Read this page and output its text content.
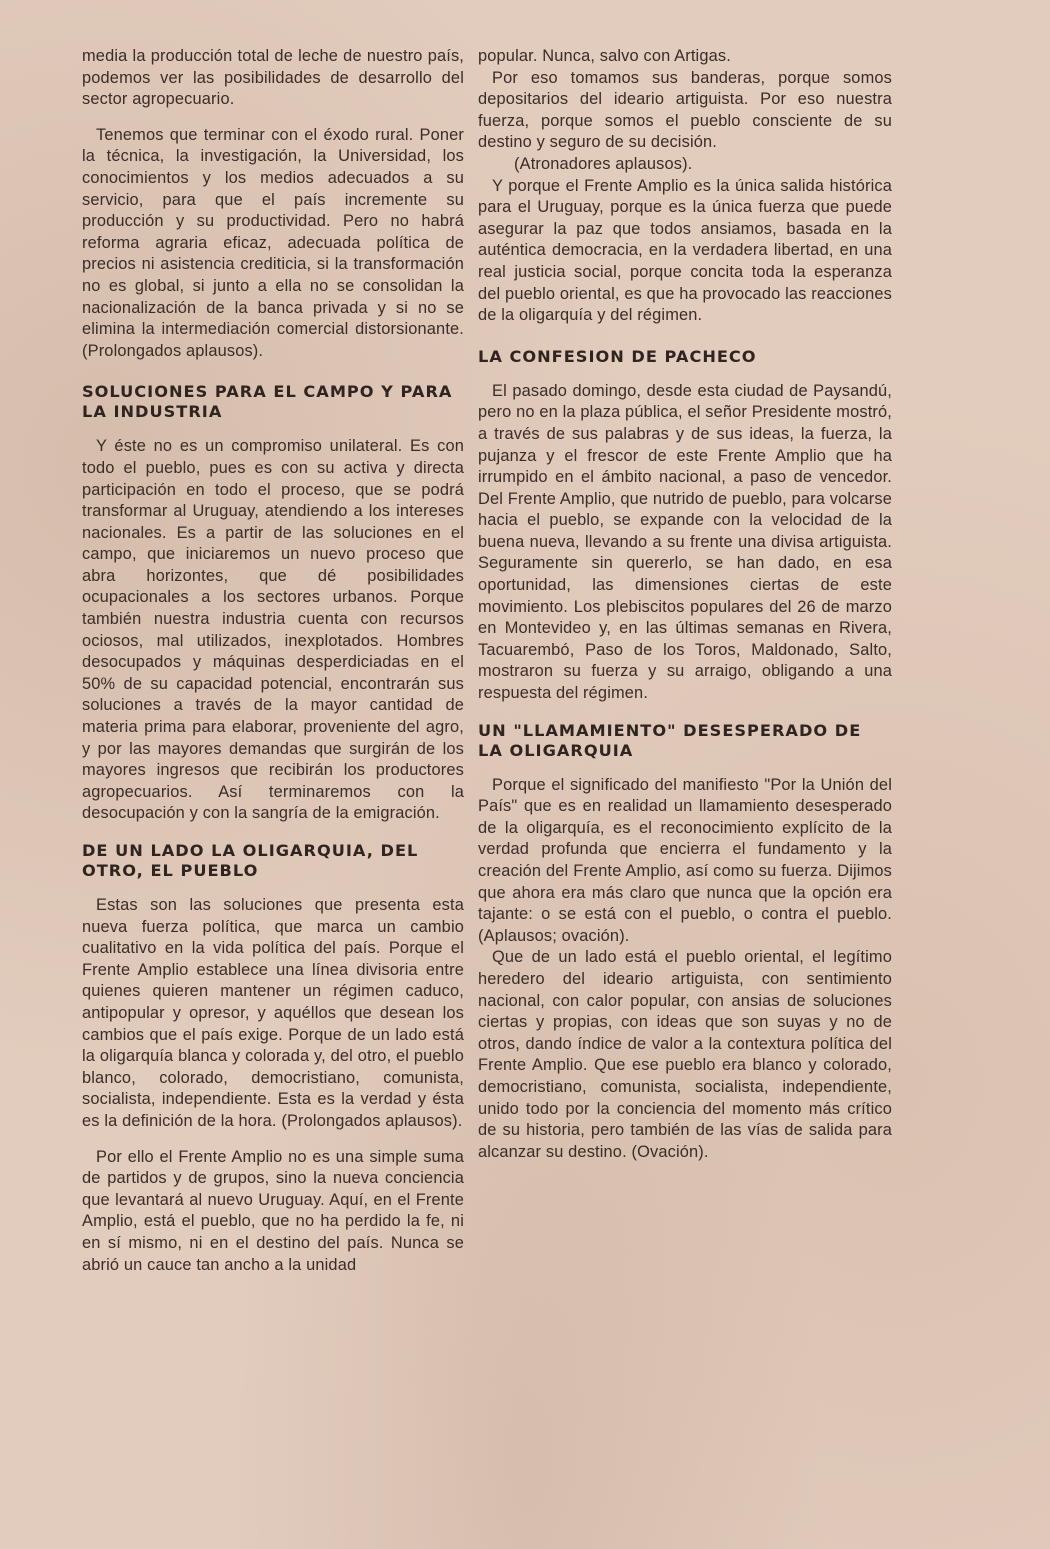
media la producción total de leche de nuestro país, podemos ver las posibilidades de desarrollo del sector agropecuario.

Tenemos que terminar con el éxodo rural. Poner la técnica, la investigación, la Universidad, los conocimientos y los medios adecuados a su servicio, para que el país incremente su producción y su productividad. Pero no habrá reforma agraria eficaz, adecuada política de precios ni asistencia crediticia, si la transformación no es global, si junto a ella no se consolidan la nacionalización de la banca privada y si no se elimina la intermediación comercial distorsionante. (Prolongados aplausos).

SOLUCIONES PARA EL CAMPO Y PARA LA INDUSTRIA

Y éste no es un compromiso unilateral. Es con todo el pueblo, pues es con su activa y directa participación en todo el proceso, que se podrá transformar al Uruguay, atendiendo a los intereses nacionales. Es a partir de las soluciones en el campo, que iniciaremos un nuevo proceso que abra horizontes, que dé posibilidades ocupacionales a los sectores urbanos. Porque también nuestra industria cuenta con recursos ociosos, mal utilizados, inexplotados. Hombres desocupados y máquinas desperdiciadas en el 50% de su capacidad potencial, encontrarán sus soluciones a través de la mayor cantidad de materia prima para elaborar, proveniente del agro, y por las mayores demandas que surgirán de los mayores ingresos que recibirán los productores agropecuarios. Así terminaremos con la desocupación y con la sangría de la emigración.

DE UN LADO LA OLIGARQUIA, DEL OTRO, EL PUEBLO

Estas son las soluciones que presenta esta nueva fuerza política, que marca un cambio cualitativo en la vida política del país. Porque el Frente Amplio establece una línea divisoria entre quienes quieren mantener un régimen caduco, antipopular y opresor, y aquéllos que desean los cambios que el país exige. Porque de un lado está la oligarquía blanca y colorada y, del otro, el pueblo blanco, colorado, democristiano, comunista, socialista, independiente. Esta es la verdad y ésta es la definición de la hora. (Prolongados aplausos).

Por ello el Frente Amplio no es una simple suma de partidos y de grupos, sino la nueva conciencia que levantará al nuevo Uruguay. Aquí, en el Frente Amplio, está el pueblo, que no ha perdido la fe, ni en sí mismo, ni en el destino del país. Nunca se abrió un cauce tan ancho a la unidad

popular. Nunca, salvo con Artigas.

Por eso tomamos sus banderas, porque somos depositarios del ideario artiguista. Por eso nuestra fuerza, porque somos el pueblo consciente de su destino y seguro de su decisión.

(Atronadores aplausos).

Y porque el Frente Amplio es la única salida histórica para el Uruguay, porque es la única fuerza que puede asegurar la paz que todos ansiamos, basada en la auténtica democracia, en la verdadera libertad, en una real justicia social, porque concita toda la esperanza del pueblo oriental, es que ha provocado las reacciones de la oligarquía y del régimen.

LA CONFESION DE PACHECO

El pasado domingo, desde esta ciudad de Paysandú, pero no en la plaza pública, el señor Presidente mostró, a través de sus palabras y de sus ideas, la fuerza, la pujanza y el frescor de este Frente Amplio que ha irrumpido en el ámbito nacional, a paso de vencedor. Del Frente Amplio, que nutrido de pueblo, para volcarse hacia el pueblo, se expande con la velocidad de la buena nueva, llevando a su frente una divisa artiguista. Seguramente sin quererlo, se han dado, en esa oportunidad, las dimensiones ciertas de este movimiento. Los plebiscitos populares del 26 de marzo en Montevideo y, en las últimas semanas en Rivera, Tacuarembó, Paso de los Toros, Maldonado, Salto, mostraron su fuerza y su arraigo, obligando a una respuesta del régimen.

UN "LLAMAMIENTO" DESESPERADO DE LA OLIGARQUIA

Porque el significado del manifiesto "Por la Unión del País" que es en realidad un llamamiento desesperado de la oligarquía, es el reconocimiento explícito de la verdad profunda que encierra el fundamento y la creación del Frente Amplio, así como su fuerza. Dijimos que ahora era más claro que nunca que la opción era tajante: o se está con el pueblo, o contra el pueblo. (Aplausos; ovación).

Que de un lado está el pueblo oriental, el legítimo heredero del ideario artiguista, con sentimiento nacional, con calor popular, con ansias de soluciones ciertas y propias, con ideas que son suyas y no de otros, dando índice de valor a la contextura política del Frente Amplio. Que ese pueblo era blanco y colorado, democristiano, comunista, socialista, independiente, unido todo por la conciencia del momento más crítico de su historia, pero también de las vías de salida para alcanzar su destino. (Ovación).
